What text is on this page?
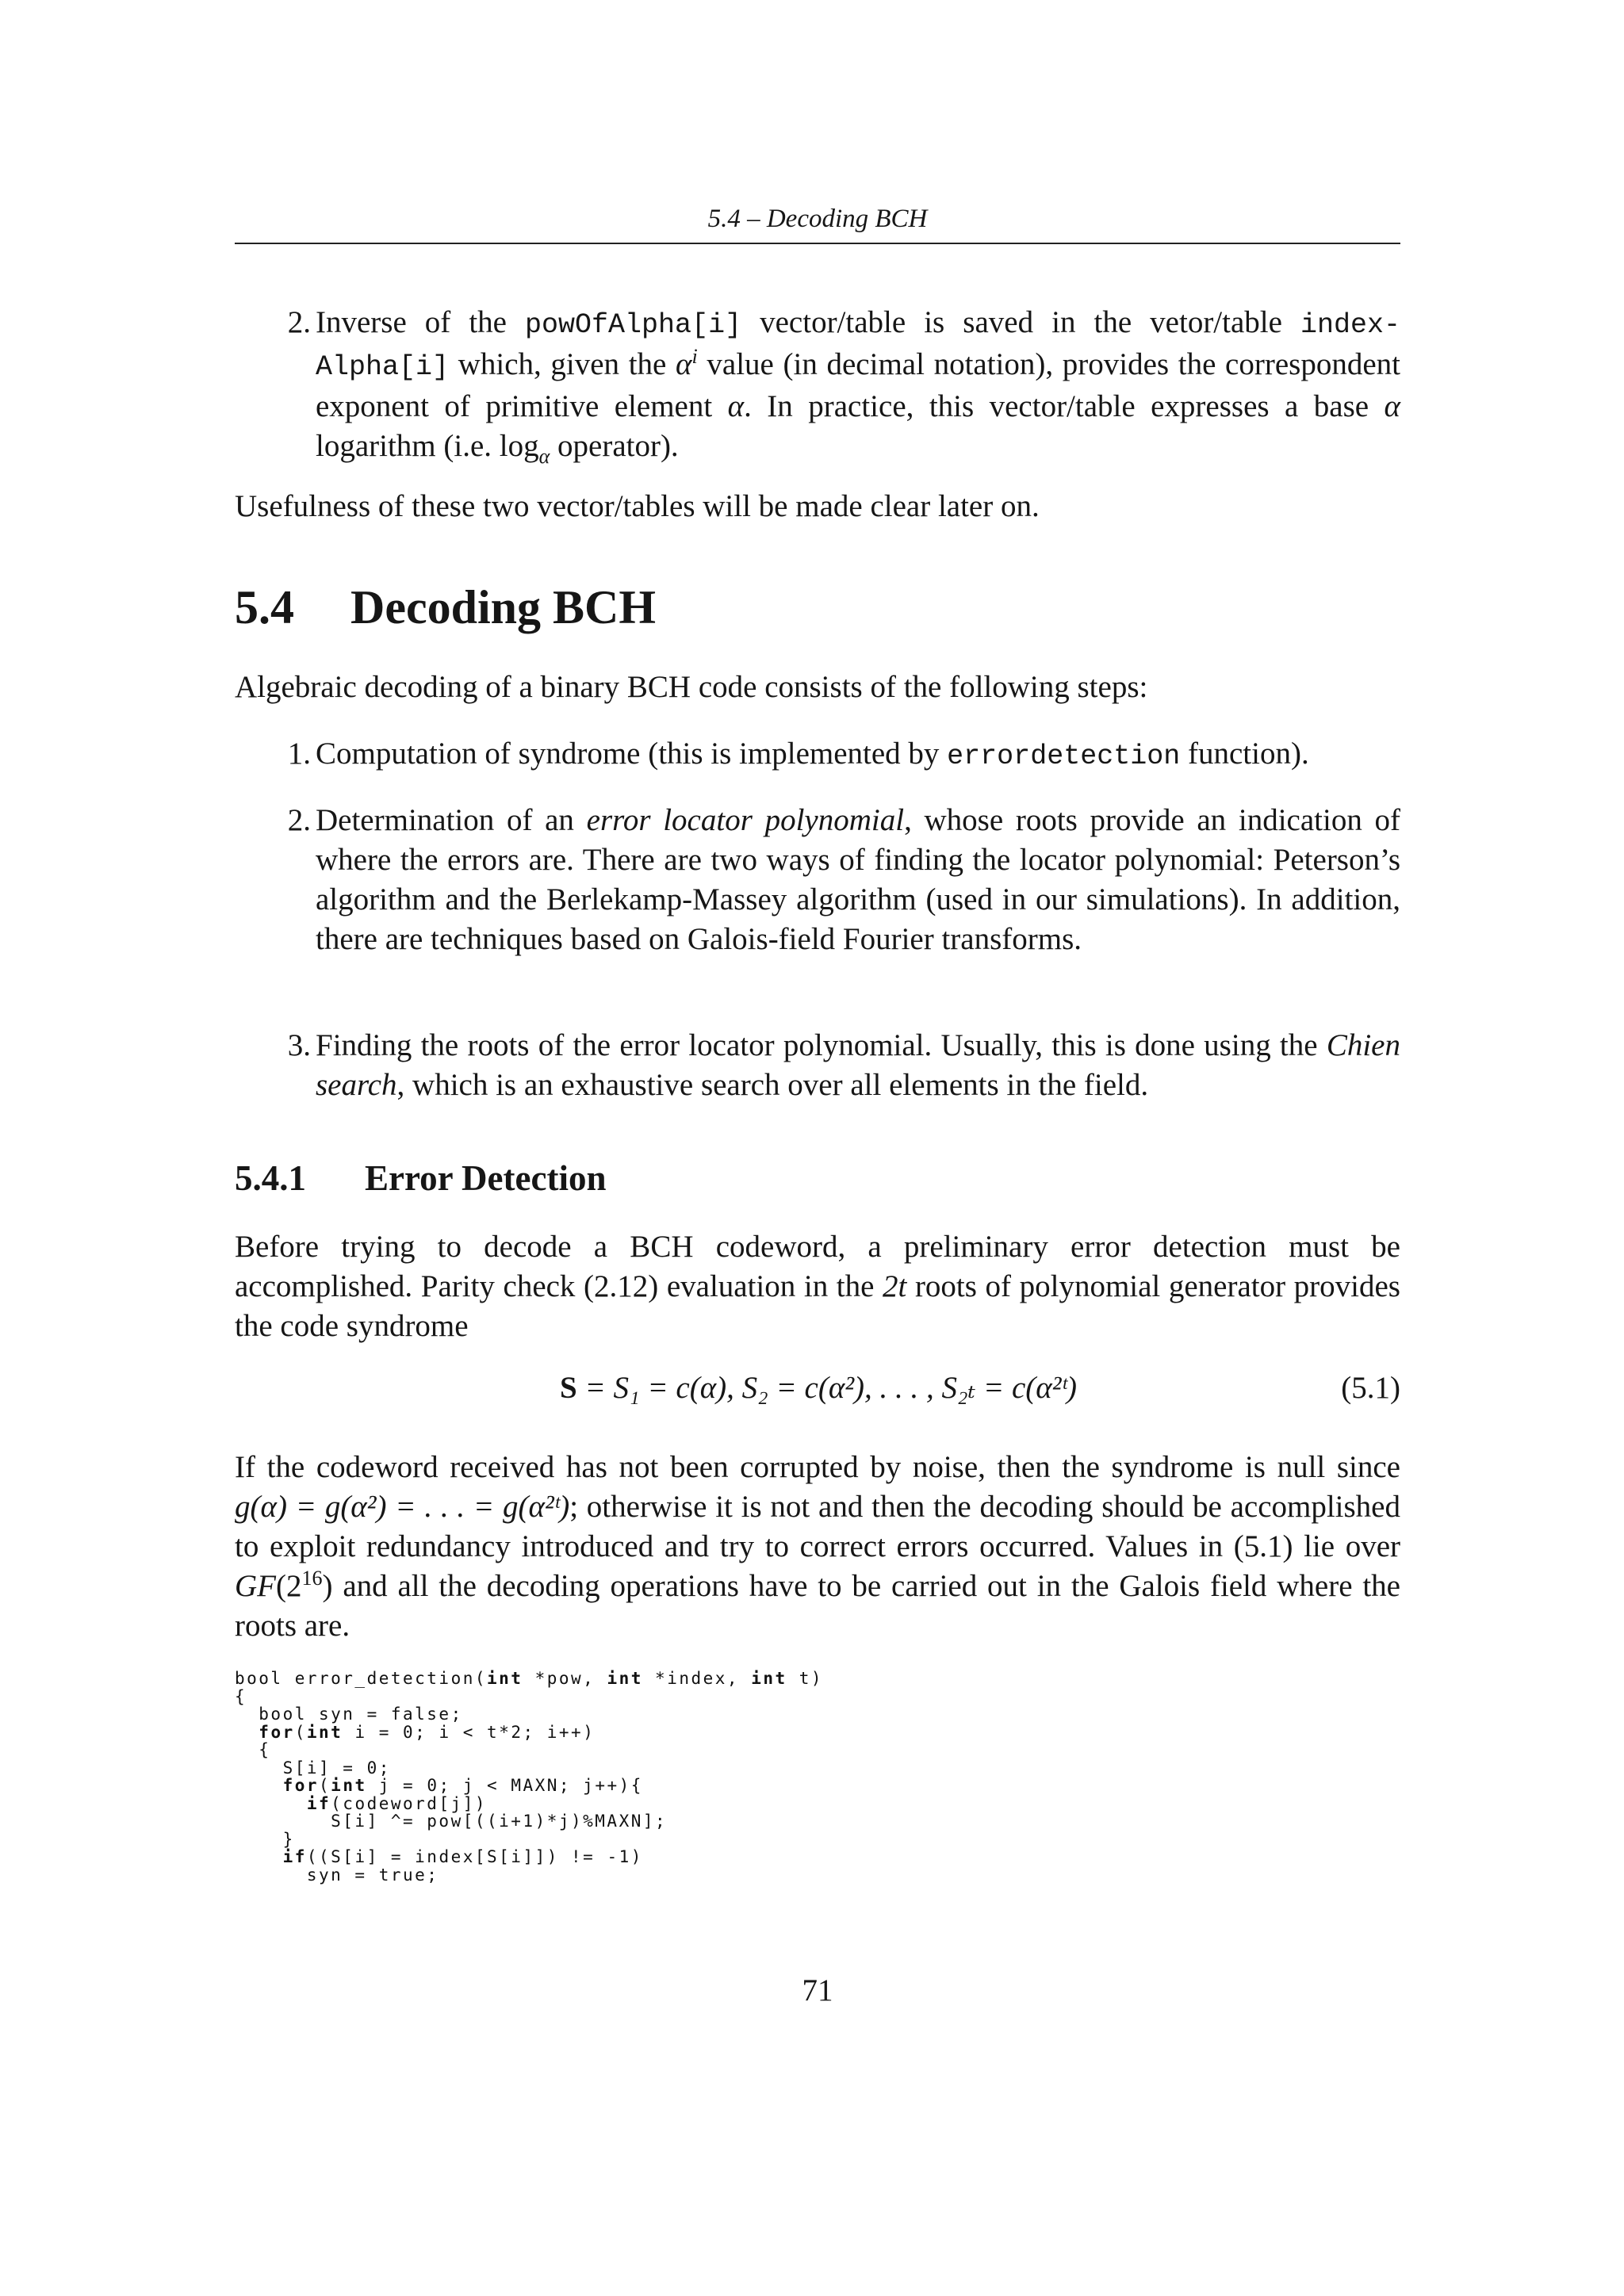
5.4 – Decoding BCH
2. Inverse of the powOfAlpha[i] vector/table is saved in the vetor/table index-Alpha[i] which, given the $\alpha^i$ value (in decimal notation), provides the correspondent exponent of primitive element α. In practice, this vector/table expresses a base α logarithm (i.e. $\log_\alpha$ operator).
Usefulness of these two vector/tables will be made clear later on.
5.4 Decoding BCH
Algebraic decoding of a binary BCH code consists of the following steps:
1. Computation of syndrome (this is implemented by errordetection function).
2. Determination of an error locator polynomial, whose roots provide an indication of where the errors are. There are two ways of finding the locator polynomial: Peterson’s algorithm and the Berlekamp-Massey algorithm (used in our simulations). In addition, there are techniques based on Galois-field Fourier transforms.
3. Finding the roots of the error locator polynomial. Usually, this is done using the Chien search, which is an exhaustive search over all elements in the field.
5.4.1 Error Detection
Before trying to decode a BCH codeword, a preliminary error detection must be accomplished. Parity check (2.12) evaluation in the 2t roots of polynomial generator provides the code syndrome
S = S₁ = c(α), S₂ = c(α²), . . . , S₂ₜ = c(α²ᵗ)	(5.1)
If the codeword received has not been corrupted by noise, then the syndrome is null since g(α) = g(α²) = . . . = g(α²ᵗ); otherwise it is not and then the decoding should be accomplished to exploit redundancy introduced and try to correct errors occurred. Values in (5.1) lie over $GF(2^{16})$ and all the decoding operations have to be carried out in the Galois field where the roots are.
bool error_detection(int *pow, int *index, int t)
{
bool syn = false;
for(int i = 0; i < t*2; i++)
{
S[i] = 0;
for(int j = 0; j < MAXN; j++){
if(codeword[j])
S[i] ^= pow[((i+1)*j)%MAXN];
}
if((S[i] = index[S[i]]) != -1)
syn = true;
71
